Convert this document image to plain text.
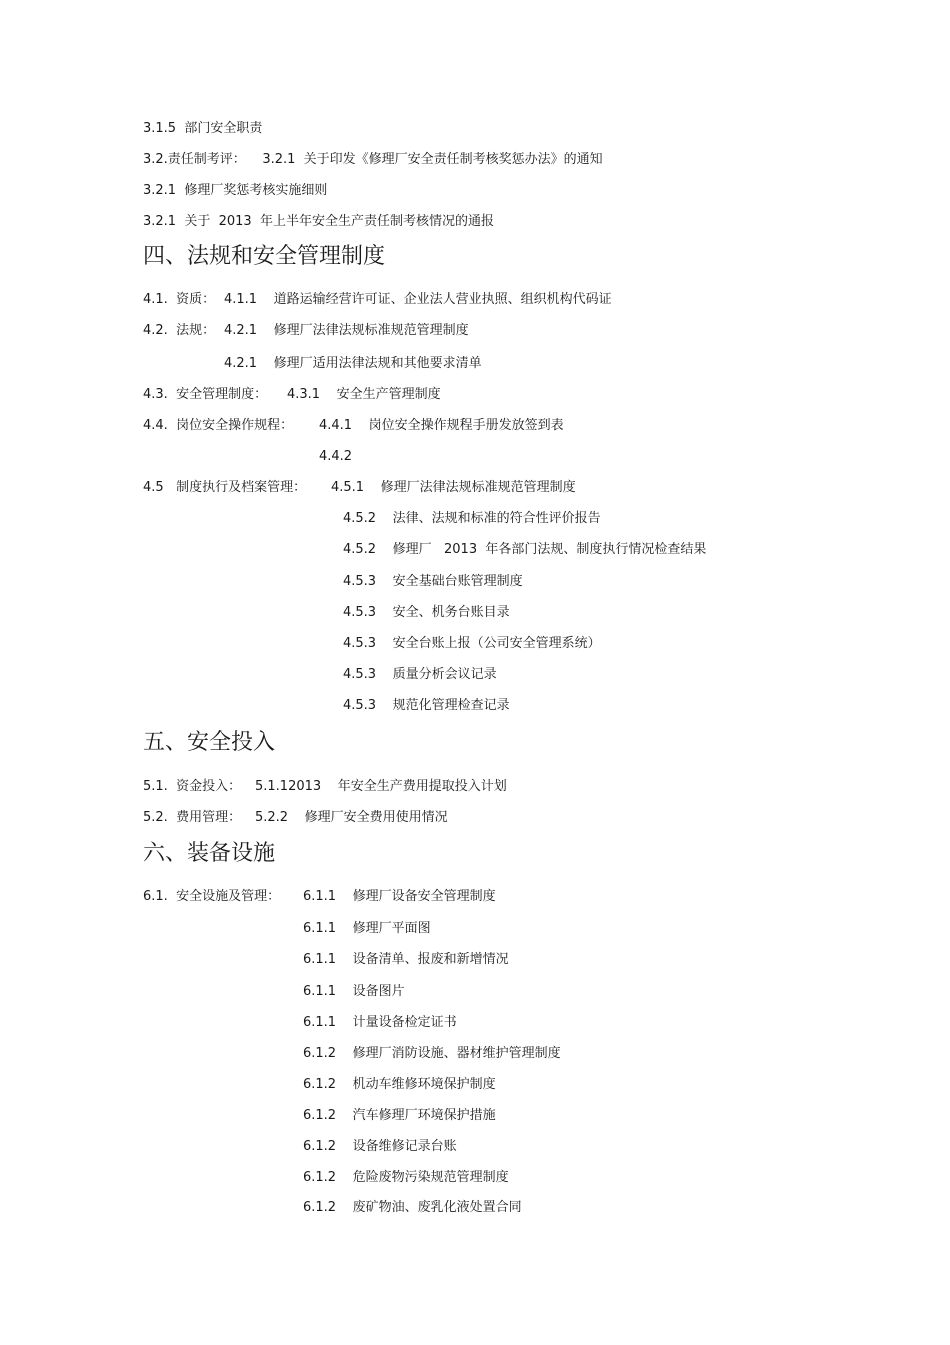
3.1.5  部门安全职责
3.2.责任制考评：    3.2.1  关于印发《修理厂安全责任制考核奖惩办法》的通知
3.2.1  修理厂奖惩考核实施细则
3.2.1  关于  2013  年上半年安全生产责任制考核情况的通报
四、法规和安全管理制度
4.1.  资质： 4.1.1    道路运输经营许可证、企业法人营业执照、组织机构代码证
4.2.  法规： 4.2.1    修理厂法律法规标准规范管理制度
4.2.1    修理厂适用法律法规和其他要求清单
4.3.  安全管理制度： 4.3.1    安全生产管理制度
4.4.  岗位安全操作规程： 4.4.1    岗位安全操作规程手册发放签到表
4.4.2
4.5   制度执行及档案管理： 4.5.1    修理厂法律法规标准规范管理制度
4.5.2    法律、法规和标准的符合性评价报告
4.5.2    修理厂   2013  年各部门法规、制度执行情况检查结果
4.5.3    安全基础台账管理制度
4.5.3    安全、机务台账目录
4.5.3    安全台账上报（公司安全管理系统）
4.5.3    质量分析会议记录
4.5.3    规范化管理检查记录
五、安全投入
5.1.  资金投入： 5.1.12013    年安全生产费用提取投入计划
5.2.  费用管理： 5.2.2    修理厂安全费用使用情况
六、装备设施
6.1.  安全设施及管理： 6.1.1    修理厂设备安全管理制度
6.1.1    修理厂平面图
6.1.1    设备清单、报废和新增情况
6.1.1    设备图片
6.1.1    计量设备检定证书
6.1.2    修理厂消防设施、器材维护管理制度
6.1.2    机动车维修环境保护制度
6.1.2    汽车修理厂环境保护措施
6.1.2    设备维修记录台账
6.1.2    危险废物污染规范管理制度
6.1.2    废矿物油、废乳化液处置合同
